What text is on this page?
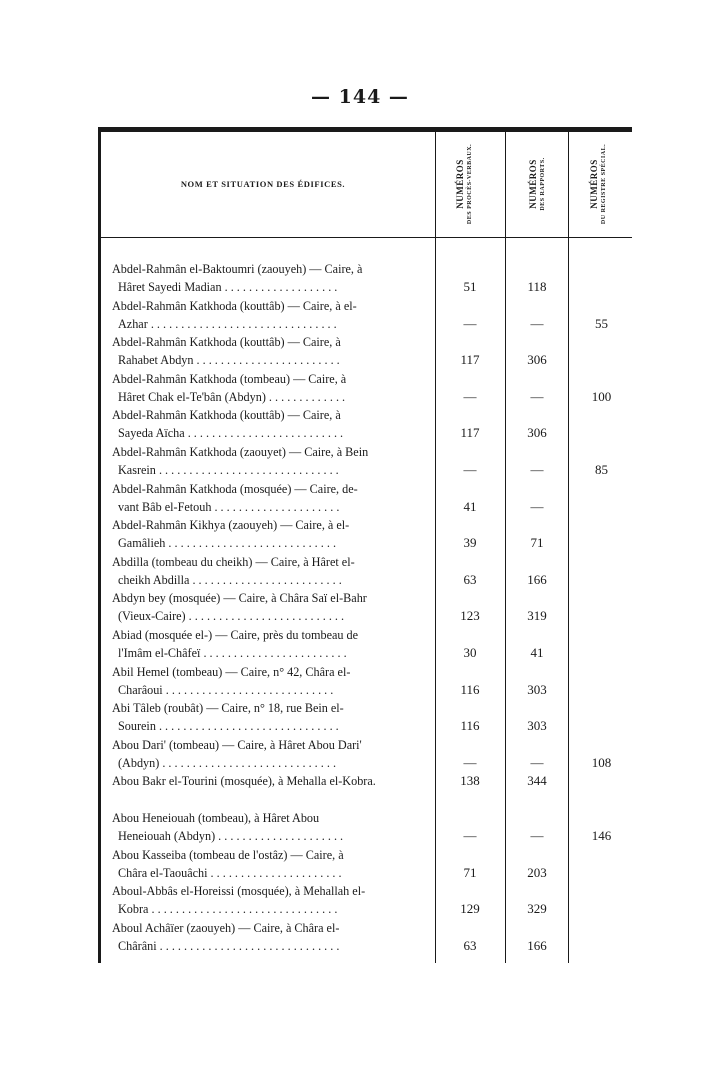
— 144 —
NOM ET SITUATION DES ÉDIFICES.	NUMÉROS DES PROCÈS-VERBAUX.	NUMÉROS DES RAPPORTS.	NUMÉROS DU REGISTRE SPÉCIAL.
Abdel-Rahmân el-Baktoumri (zaouyeh) — Caire, à
Hâret Sayedi Madian . . . . . . . . . . . . . . . . . . .	51	118
Abdel-Rahmân Katkhoda (kouttâb) — Caire, à el-
Azhar . . . . . . . . . . . . . . . . . . . . . . . . . . . . . . .	—	—	55
Abdel-Rahmân Katkhoda (kouttâb) — Caire, à
Rahabet Abdyn . . . . . . . . . . . . . . . . . . . . . . . .	117	306
Abdel-Rahmân Katkhoda (tombeau) — Caire, à
Hâret Chak el-Te'bân (Abdyn) . . . . . . . . . . . . .	—	—	100
Abdel-Rahmân Katkhoda (kouttâb) — Caire, à
Sayeda Aïcha . . . . . . . . . . . . . . . . . . . . . . . . . .	117	306
Abdel-Rahmân Katkhoda (zaouyet) — Caire, à Bein
Kasrein . . . . . . . . . . . . . . . . . . . . . . . . . . . . . .	—	—	85
Abdel-Rahmân Katkhoda (mosquée) — Caire, de-
vant Bâb el-Fetouh . . . . . . . . . . . . . . . . . . . . .	41	—
Abdel-Rahmân Kikhya (zaouyeh) — Caire, à el-
Gamâlieh . . . . . . . . . . . . . . . . . . . . . . . . . . . .	39	71
Abdilla (tombeau du cheikh) — Caire, à Hâret el-
cheikh Abdilla . . . . . . . . . . . . . . . . . . . . . . . . .	63	166
Abdyn bey (mosquée) — Caire, à Châra Saï el-Bahr
(Vieux-Caire) . . . . . . . . . . . . . . . . . . . . . . . . . .	123	319
Abiad (mosquée el-) — Caire, près du tombeau de
l'Imâm el-Châfeï . . . . . . . . . . . . . . . . . . . . . . . .	30	41
Abil Hemel (tombeau) — Caire, n° 42, Châra el-
Charâoui . . . . . . . . . . . . . . . . . . . . . . . . . . . .	116	303
Abi Tâleb (roubât) — Caire, n° 18, rue Bein el-
Sourein . . . . . . . . . . . . . . . . . . . . . . . . . . . . . .	116	303
Abou Dari' (tombeau) — Caire, à Hâret Abou Dari'
(Abdyn) . . . . . . . . . . . . . . . . . . . . . . . . . . . . .	—	—	108
Abou Bakr el-Tourini (mosquée), à Mehalla el-Kobra.	138	344
Abou Heneiouah (tombeau), à Hâret Abou
Heneiouah (Abdyn) . . . . . . . . . . . . . . . . . . . . .	—	—	146
Abou Kasseiba (tombeau de l'ostâz) — Caire, à
Châra el-Taouâchi . . . . . . . . . . . . . . . . . . . . . .	71	203
Aboul-Abbâs el-Horeissi (mosquée), à Mehallah el-
Kobra . . . . . . . . . . . . . . . . . . . . . . . . . . . . . . .	129	329
Aboul Achâïer (zaouyeh) — Caire, à Châra el-
Chârâni . . . . . . . . . . . . . . . . . . . . . . . . . . . . . .	63	166
